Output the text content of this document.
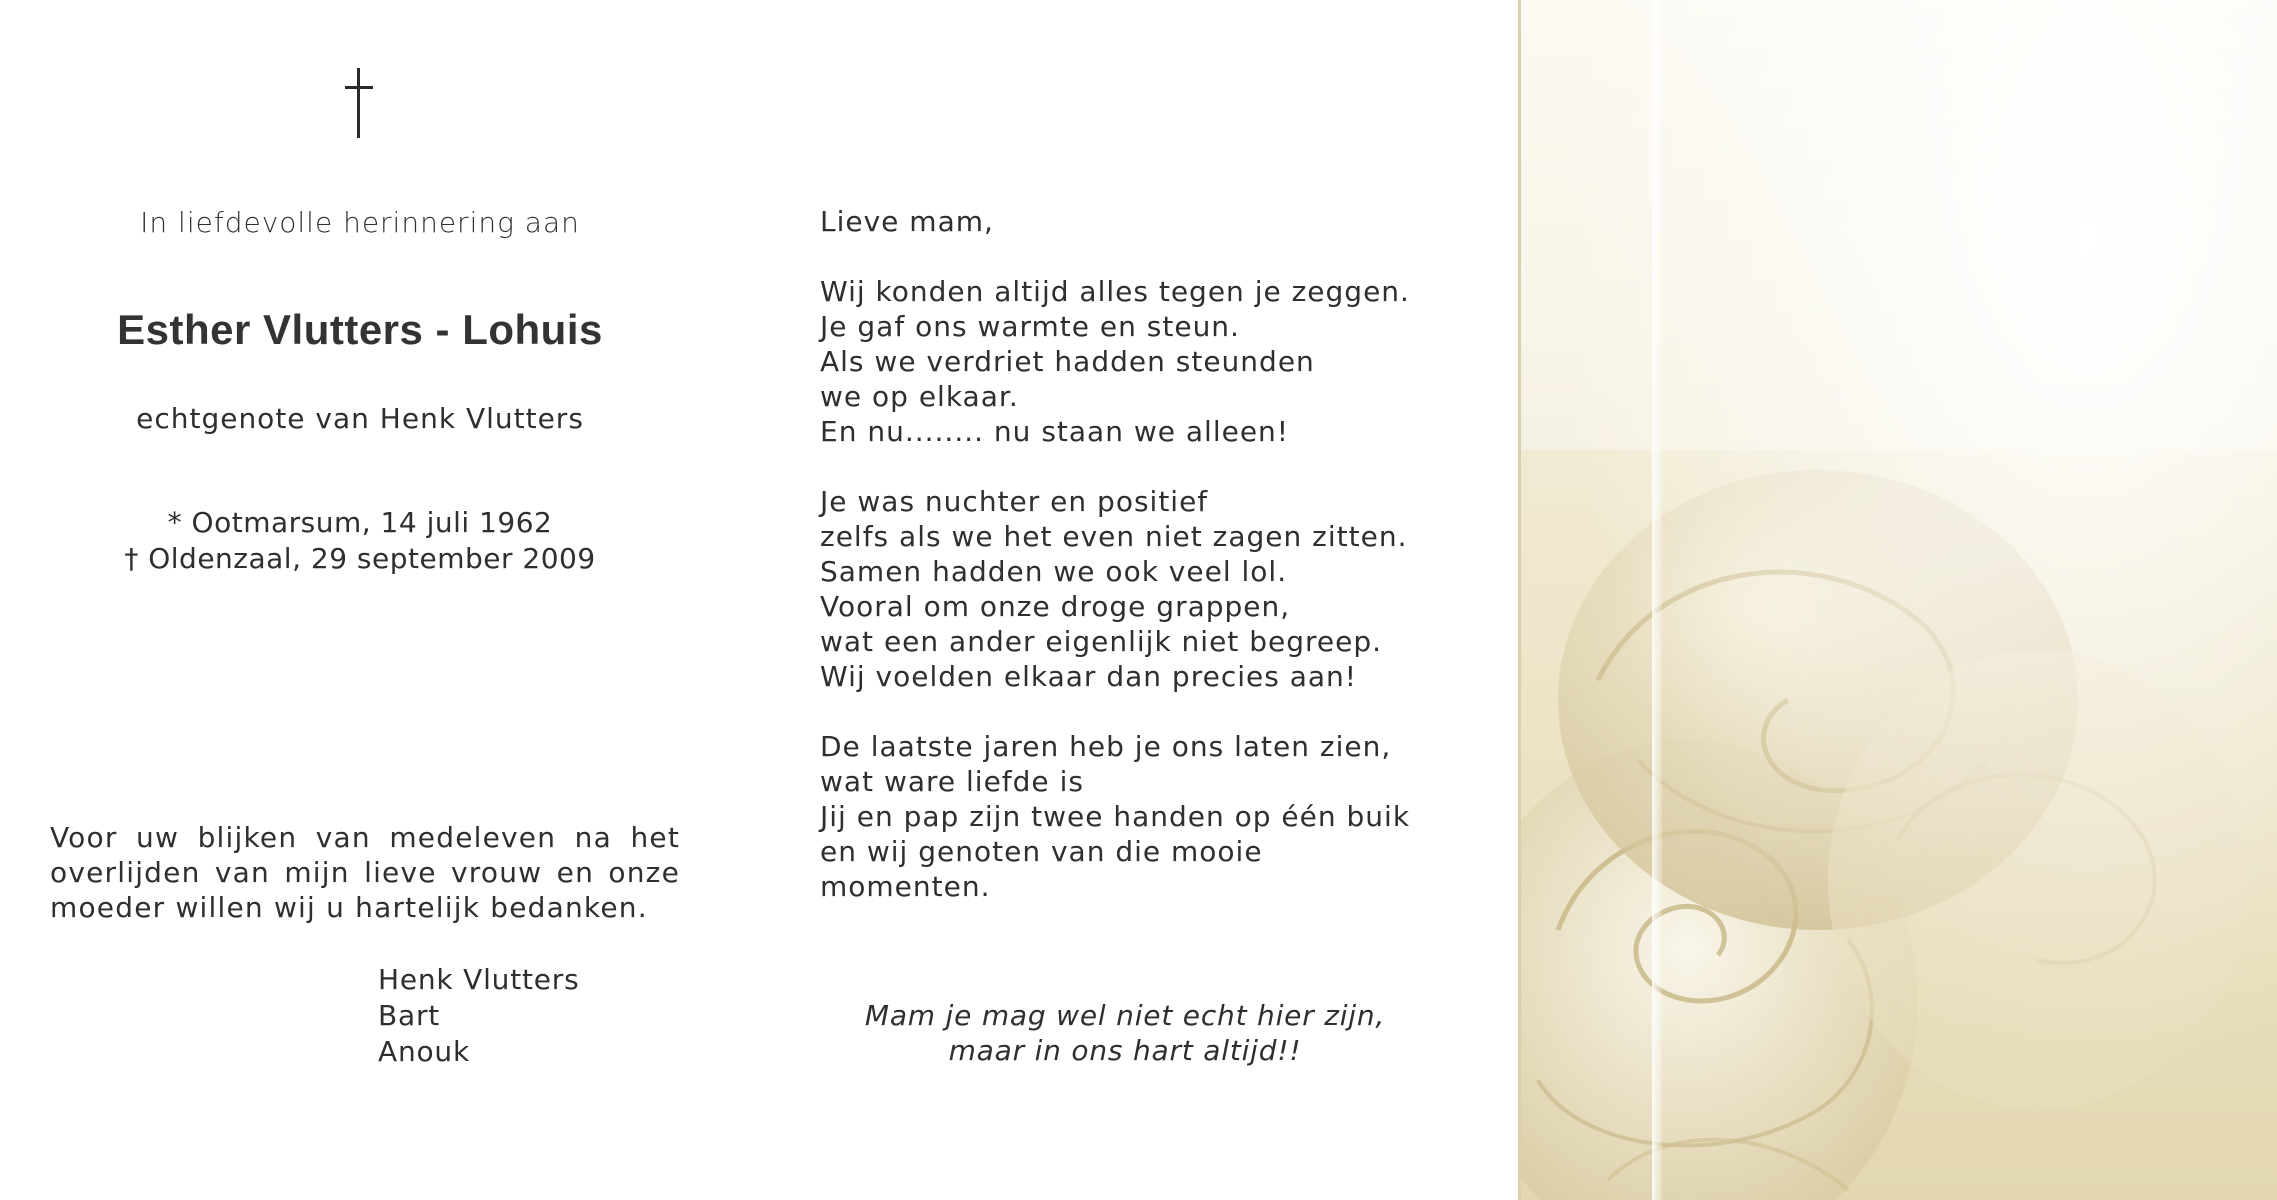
In liefdevolle herinnering aan
Esther Vlutters - Lohuis
echtgenote van Henk Vlutters
* Ootmarsum, 14 juli 1962
† Oldenzaal, 29 september 2009
Voor uw blijken van medeleven na het
overlijden van mijn lieve vrouw en onze
moeder willen wij u hartelijk bedanken.
Henk Vlutters
Bart
Anouk
Lieve mam,
Wij konden altijd alles tegen je zeggen.
Je gaf ons warmte en steun.
Als we verdriet hadden steunden
we op elkaar.
En nu........ nu staan we alleen!
Je was nuchter en positief
zelfs als we het even niet zagen zitten.
Samen hadden we ook veel lol.
Vooral om onze droge grappen,
wat een ander eigenlijk niet begreep.
Wij voelden elkaar dan precies aan!
De laatste jaren heb je ons laten zien,
wat ware liefde is
Jij en pap zijn twee handen op één buik
en wij genoten van die mooie
momenten.
Mam je mag wel niet echt hier zijn,
maar in ons hart altijd!!
